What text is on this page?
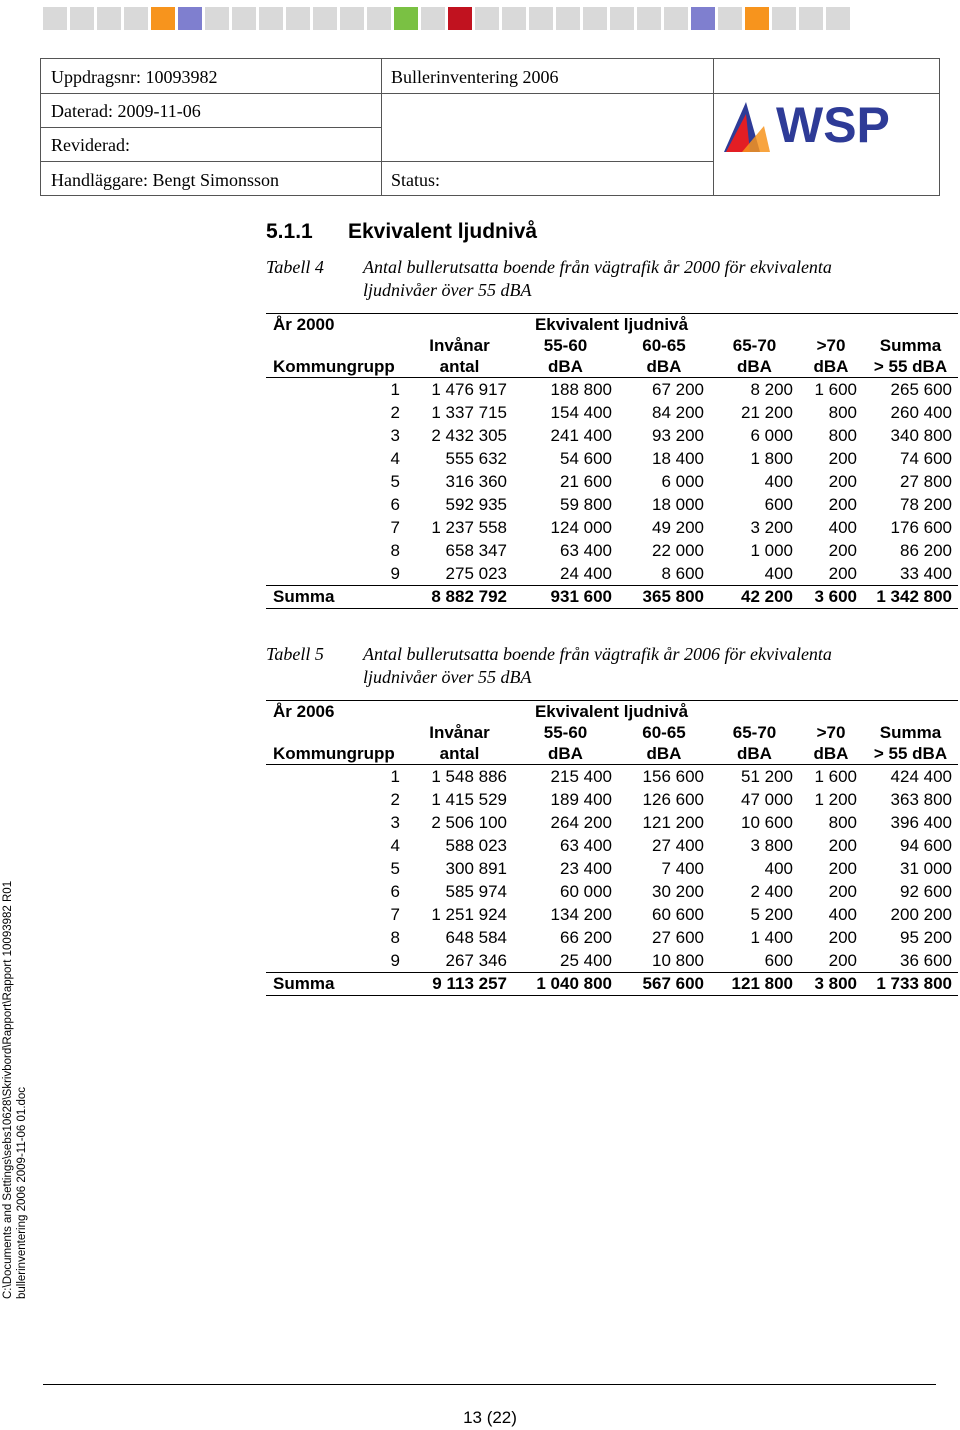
Uppdragsnr: 10093982	Bullerinventering 2006
Daterad: 2009-11-06
Reviderad:
Handläggare: Bengt Simonsson	Status:
WSP
5.1.1 Ekvivalent ljudnivå
Tabell 4 Antal bullerutsatta boende från vägtrafik år 2000 för ekvivalenta ljudnivåer över 55 dBA
År 2000		Ekvivalent ljudnivå				
	Invånar	55-60	60-65	65-70	>70	Summa
Kommungrupp	antal	dBA	dBA	dBA	dBA	> 55 dBA
1	1 476 917	188 800	67 200	8 200	1 600	265 600
2	1 337 715	154 400	84 200	21 200	800	260 400
3	2 432 305	241 400	93 200	6 000	800	340 800
4	555 632	54 600	18 400	1 800	200	74 600
5	316 360	21 600	6 000	400	200	27 800
6	592 935	59 800	18 000	600	200	78 200
7	1 237 558	124 000	49 200	3 200	400	176 600
8	658 347	63 400	22 000	1 000	200	86 200
9	275 023	24 400	8 600	400	200	33 400
Summa	8 882 792	931 600	365 800	42 200	3 600	1 342 800
Tabell 5 Antal bullerutsatta boende från vägtrafik år 2006 för ekvivalenta ljudnivåer över 55 dBA
År 2006		Ekvivalent ljudnivå				
	Invånar	55-60	60-65	65-70	>70	Summa
Kommungrupp	antal	dBA	dBA	dBA	dBA	> 55 dBA
1	1 548 886	215 400	156 600	51 200	1 600	424 400
2	1 415 529	189 400	126 600	47 000	1 200	363 800
3	2 506 100	264 200	121 200	10 600	800	396 400
4	588 023	63 400	27 400	3 800	200	94 600
5	300 891	23 400	7 400	400	200	31 000
6	585 974	60 000	30 200	2 400	200	92 600
7	1 251 924	134 200	60 600	5 200	400	200 200
8	648 584	66 200	27 600	1 400	200	95 200
9	267 346	25 400	10 800	600	200	36 600
Summa	9 113 257	1 040 800	567 600	121 800	3 800	1 733 800
C:\Documents and Settings\sebs10628\Skrivbord\Rapport\Rapport 10093982 R01 bullerinventering 2006 2009-11-06 01.doc
13 (22)
